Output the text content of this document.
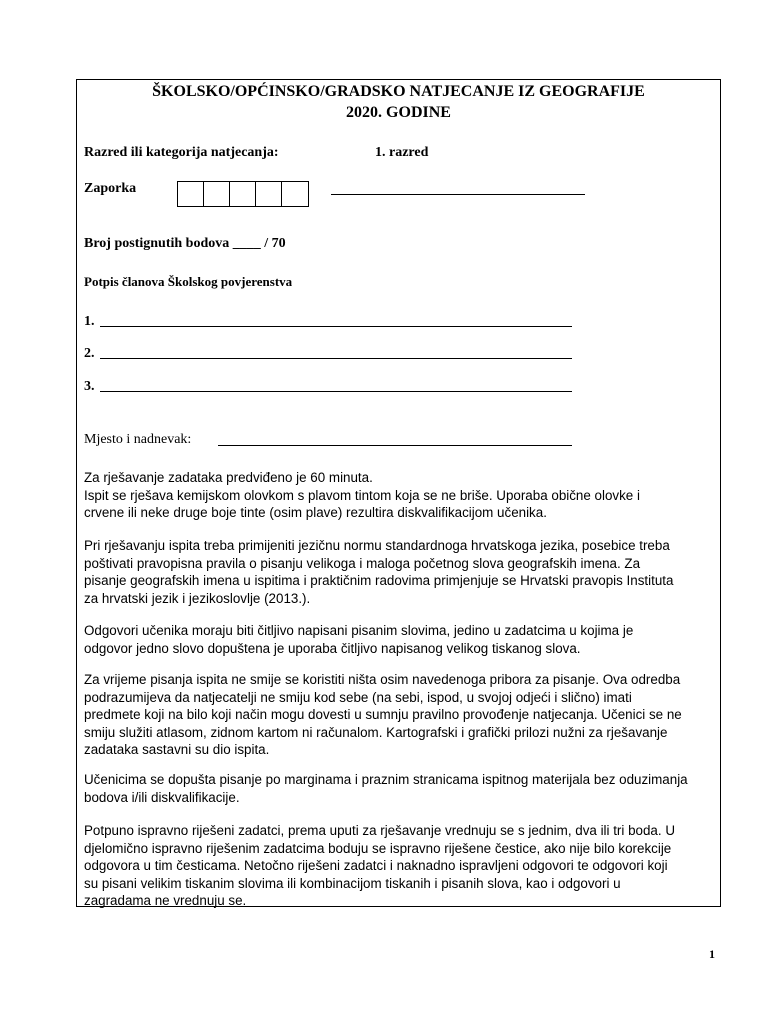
ŠKOLSKO/OPĆINSKO/GRADSKO NATJECANJE IZ GEOGRAFIJE
2020. GODINE
Razred ili kategorija natjecanja:	1. razred
Zaporka
Broj postignutih bodova ____ / 70
Potpis članova Školskog povjerenstva
1.
2.
3.
Mjesto i nadnevak:

Za rješavanje zadataka predviđeno je 60 minuta.
Ispit se rješava kemijskom olovkom s plavom tintom koja se ne briše. Uporaba obične olovke i
crvene ili neke druge boje tinte (osim plave) rezultira diskvalifikacijom učenika.

Pri rješavanju ispita treba primijeniti jezičnu normu standardnoga hrvatskoga jezika, posebice treba
poštivati pravopisna pravila o pisanju velikoga i maloga početnog slova geografskih imena. Za
pisanje geografskih imena u ispitima i praktičnim radovima primjenjuje se Hrvatski pravopis Instituta
za hrvatski jezik i jezikoslovlje (2013.).

Odgovori učenika moraju biti čitljivo napisani pisanim slovima, jedino u zadatcima u kojima je
odgovor jedno slovo dopuštena je uporaba čitljivo napisanog velikog tiskanog slova.

Za vrijeme pisanja ispita ne smije se koristiti ništa osim navedenoga pribora za pisanje. Ova odredba
podrazumijeva da natjecatelji ne smiju kod sebe (na sebi, ispod, u svojoj odjeći i slično) imati
predmete koji na bilo koji način mogu dovesti u sumnju pravilno provođenje natjecanja. Učenici se ne
smiju služiti atlasom, zidnom kartom ni računalom. Kartografski i grafički prilozi nužni za rješavanje
zadataka sastavni su dio ispita.

Učenicima se dopušta pisanje po marginama i praznim stranicama ispitnog materijala bez oduzimanja
bodova i/ili diskvalifikacije.

Potpuno ispravno riješeni zadatci, prema uputi za rješavanje vrednuju se s jednim, dva ili tri boda. U
djelomično ispravno riješenim zadatcima boduju se ispravno riješene čestice, ako nije bilo korekcije
odgovora u tim česticama. Netočno riješeni zadatci i naknadno ispravljeni odgovori te odgovori koji
su pisani velikim tiskanim slovima ili kombinacijom tiskanih i pisanih slova, kao i odgovori u
zagradama ne vrednuju se.

1
